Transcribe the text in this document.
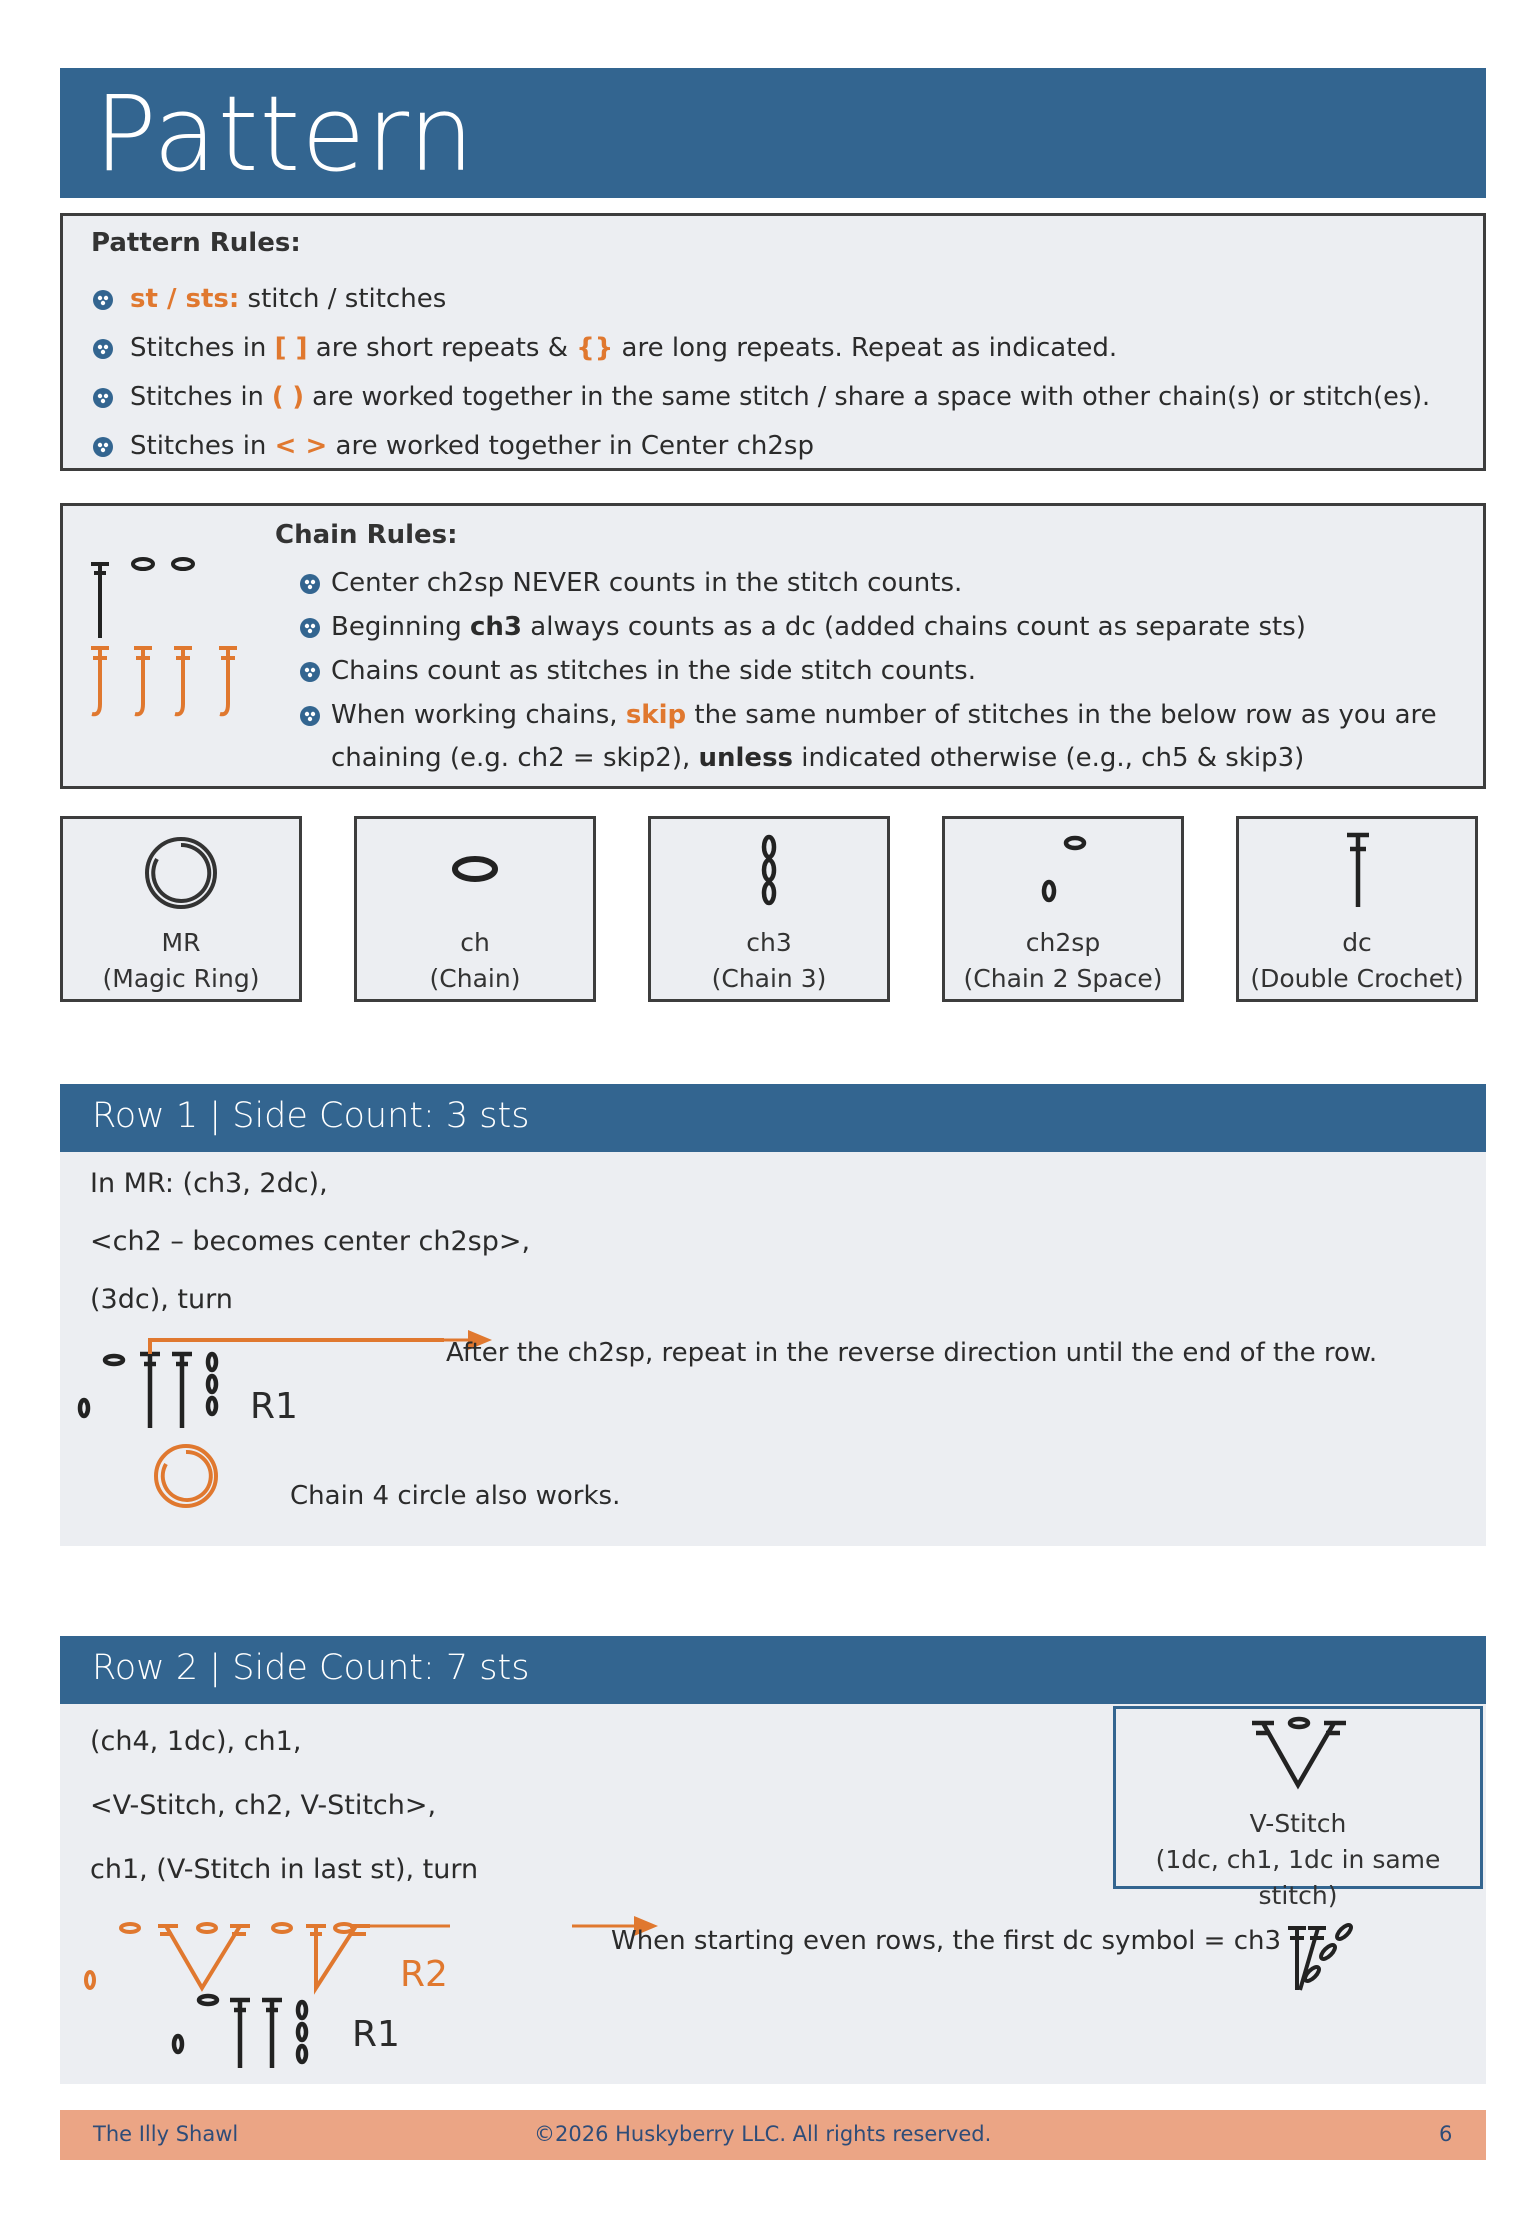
Pattern
Pattern Rules:
st / sts: stitch / stitches
Stitches in [ ] are short repeats & {} are long repeats. Repeat as indicated.
Stitches in ( ) are worked together in the same stitch / share a space with other chain(s) or stitch(es).
Stitches in < > are worked together in Center ch2sp
Chain Rules:
Center ch2sp NEVER counts in the stitch counts.
Beginning ch3 always counts as a dc (added chains count as separate sts)
Chains count as stitches in the side stitch counts.
When working chains, skip the same number of stitches in the below row as you are
chaining (e.g. ch2 = skip2), unless indicated otherwise (e.g., ch5 & skip3)
MR
(Magic Ring)
ch
(Chain)
ch3
(Chain 3)
ch2sp
(Chain 2 Space)
dc
(Double Crochet)
Row 1 | Side Count: 3 sts
In MR: (ch3, 2dc),
<ch2 – becomes center ch2sp>,
(3dc), turn
R1
After the ch2sp, repeat in the reverse direction until the end of the row.
Chain 4 circle also works.
Row 2 | Side Count: 7 sts
(ch4, 1dc), ch1,
<V-Stitch, ch2, V-Stitch>,
ch1, (V-Stitch in last st), turn
R2
R1
When starting even rows, the first dc symbol = ch3
V-Stitch
(1dc, ch1, 1dc in same stitch)
The Illy Shawl	©2026 Huskyberry LLC. All rights reserved.	6
